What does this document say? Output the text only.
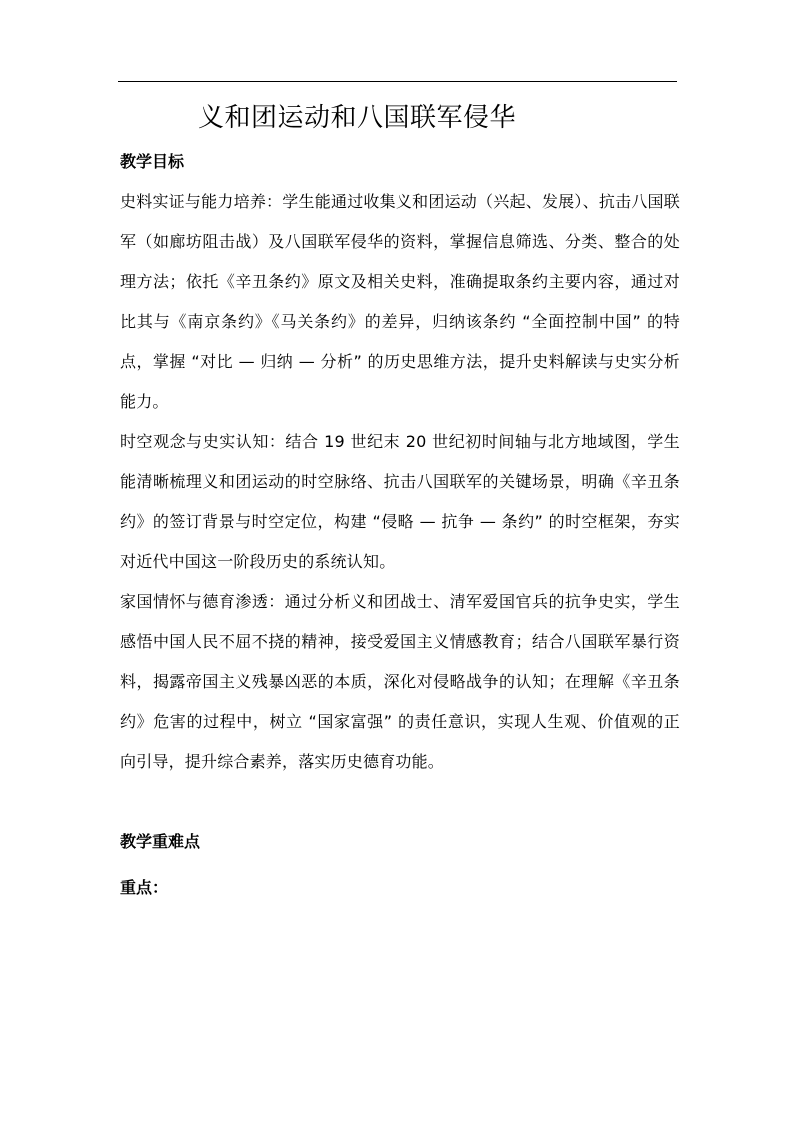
义和团运动和八国联军侵华
教学目标

史料实证与能力培养：学生能通过收集义和团运动（兴起、发展）、抗击八国联军（如廊坊阻击战）及八国联军侵华的资料，掌握信息筛选、分类、整合的处理方法；依托《辛丑条约》原文及相关史料，准确提取条约主要内容，通过对比其与《南京条约》《马关条约》的差异，归纳该条约 “全面控制中国” 的特点，掌握 “对比 — 归纳 — 分析” 的历史思维方法，提升史料解读与史实分析能力。

时空观念与史实认知：结合 19 世纪末 20 世纪初时间轴与北方地域图，学生能清晰梳理义和团运动的时空脉络、抗击八国联军的关键场景，明确《辛丑条约》的签订背景与时空定位，构建 “侵略 — 抗争 — 条约” 的时空框架，夯实对近代中国这一阶段历史的系统认知。

家国情怀与德育渗透：通过分析义和团战士、清军爱国官兵的抗争史实，学生感悟中国人民不屈不挠的精神，接受爱国主义情感教育；结合八国联军暴行资料，揭露帝国主义残暴凶恶的本质，深化对侵略战争的认知；在理解《辛丑条约》危害的过程中，树立 “国家富强” 的责任意识，实现人生观、价值观的正向引导，提升综合素养，落实历史德育功能。

教学重难点
重点：
